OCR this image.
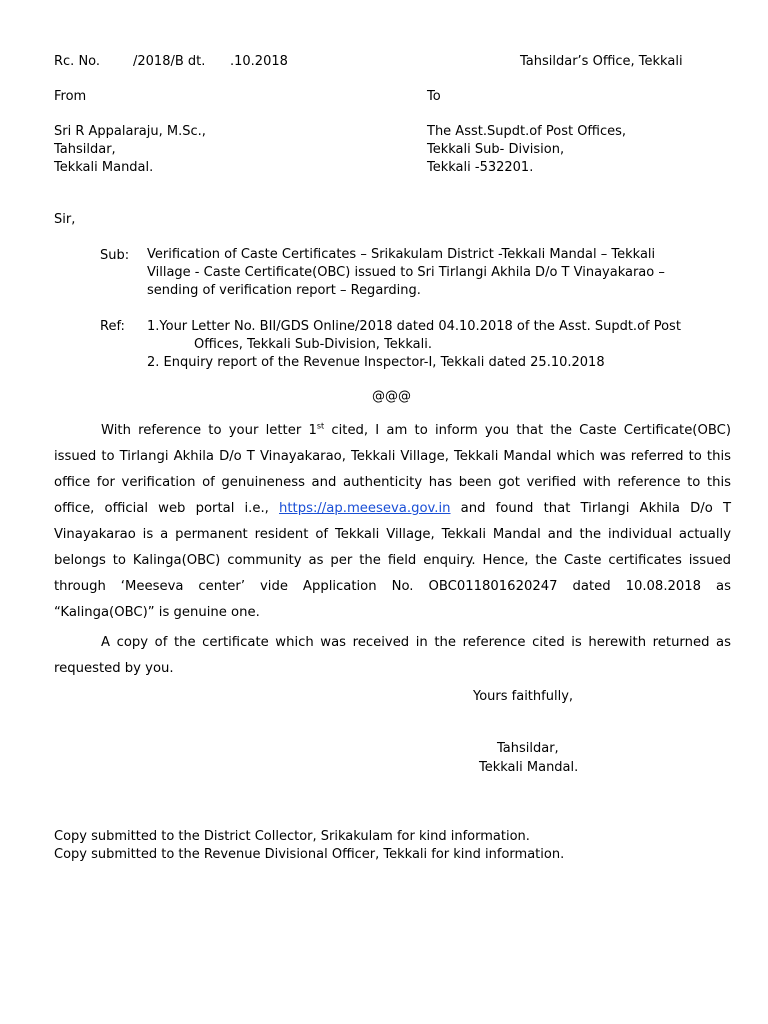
Rc. No.	/2018/B dt. .10.2018	Tahsildar’s Office, Tekkali
From	To
Sri R Appalaraju, M.Sc.,
Tahsildar,
Tekkali Mandal.
The Asst.Supdt.of Post Offices,
Tekkali Sub- Division,
Tekkali -532201.
Sir,
Sub: Verification of Caste Certificates – Srikakulam District -Tekkali Mandal – Tekkali
Village - Caste Certificate(OBC) issued to Sri Tirlangi Akhila D/o T Vinayakarao –
sending of verification report – Regarding.
Ref: 1.Your Letter No. BII/GDS Online/2018 dated 04.10.2018 of the Asst. Supdt.of Post
Offices, Tekkali Sub-Division, Tekkali.
2. Enquiry report of the Revenue Inspector-I, Tekkali dated 25.10.2018
@@@
With reference to your letter 1st cited, I am to inform you that the Caste Certificate(OBC) issued to Tirlangi Akhila D/o T Vinayakarao, Tekkali Village, Tekkali Mandal which was referred to this office for verification of genuineness and authenticity has been got verified with reference to this office, official web portal i.e., https://ap.meeseva.gov.in and found that Tirlangi Akhila D/o T Vinayakarao is a permanent resident of Tekkali Village, Tekkali Mandal and the individual actually belongs to Kalinga(OBC) community as per the field enquiry. Hence, the Caste certificates issued through ‘Meeseva center’ vide Application No. OBC011801620247 dated 10.08.2018 as “Kalinga(OBC)” is genuine one.
A copy of the certificate which was received in the reference cited is herewith returned as requested by you.
Yours faithfully,
Tahsildar,
Tekkali Mandal.
Copy submitted to the District Collector, Srikakulam for kind information.
Copy submitted to the Revenue Divisional Officer, Tekkali for kind information.
